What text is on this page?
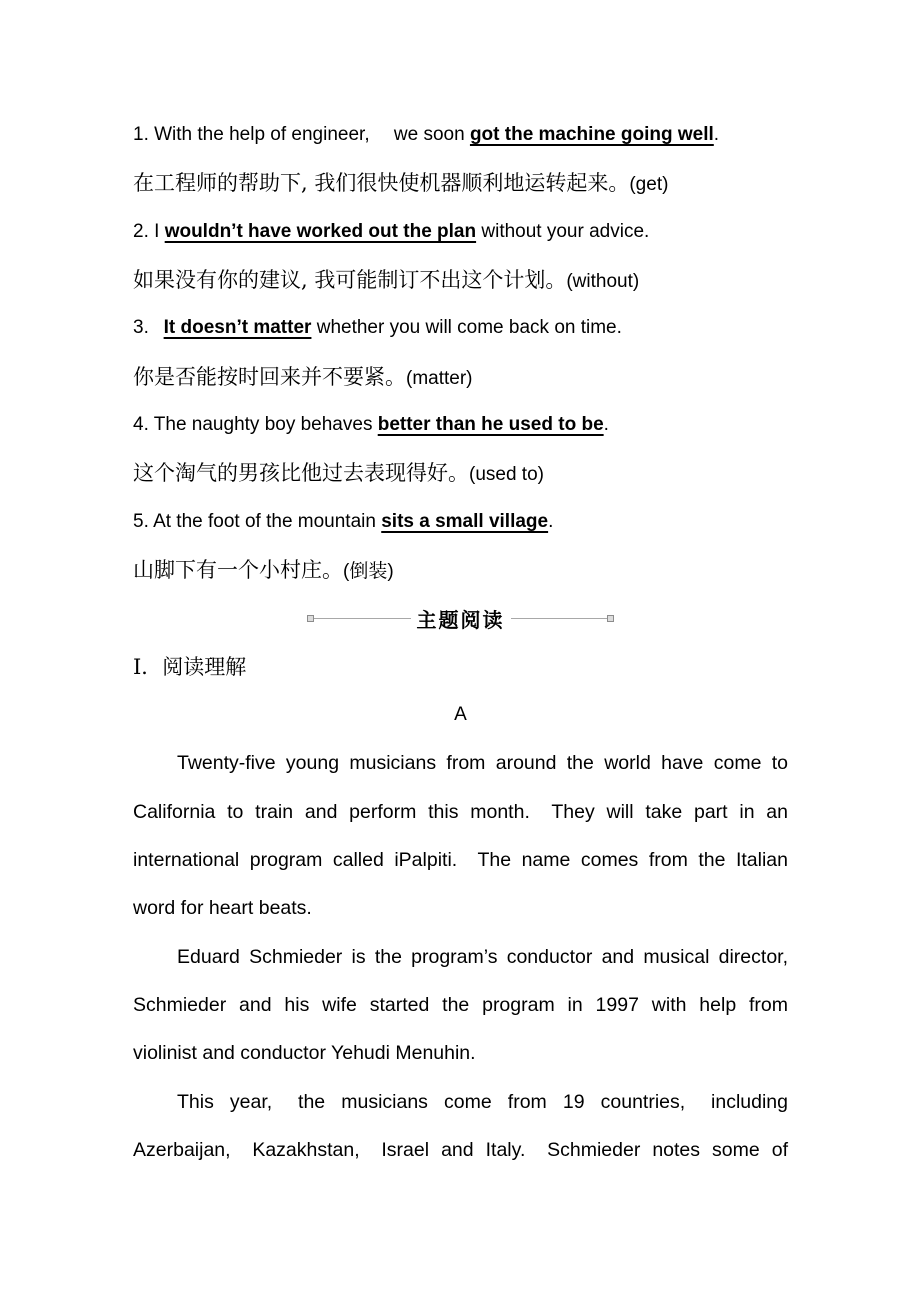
1. With the help of engineer,   we soon got the machine going well.
在工程师的帮助下, 我们很快使机器顺利地运转起来。(get)
2. I wouldn’t have worked out the plan without your advice.
如果没有你的建议, 我可能制订不出这个计划。(without)
3.  It doesn’t matter whether you will come back on time.
你是否能按时回来并不要紧。(matter)
4. The naughty boy behaves better than he used to be.
这个淘气的男孩比他过去表现得好。(used to)
5. At the foot of the mountain sits a small village.
山脚下有一个小村庄。(倒装)
主题阅读
Ⅰ．阅读理解
A
Twenty-five young musicians from around the world have come to
California to train and perform this month.  They will take part in an
international program called iPalpiti.  The name comes from the Italian
word for heart beats.
Eduard Schmieder is the program’s conductor and musical director,
Schmieder and his wife started the program in 1997 with help from
violinist and conductor Yehudi Menuhin.
This year,  the musicians come from 19 countries,  including
Azerbaijan,  Kazakhstan,  Israel and Italy.  Schmieder notes some of
